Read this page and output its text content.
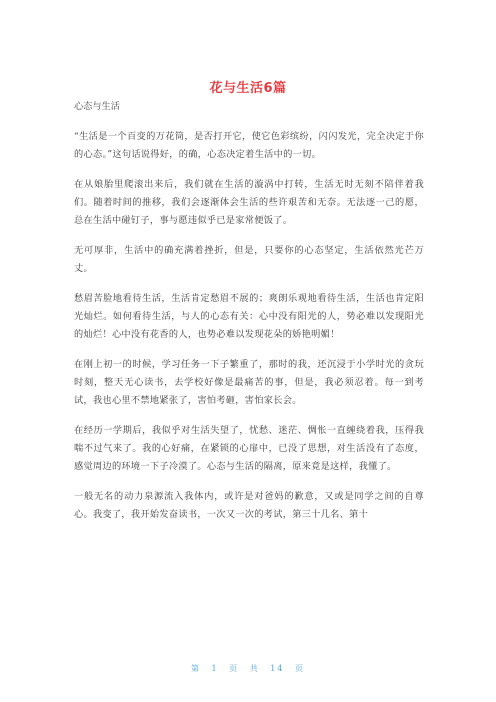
花与生活6篇
心态与生活

“生活是一个百变的万花筒，是否打开它，使它色彩缤纷，闪闪发光，完全决定于你的心态。”这句话说得好，的确，心态决定着生活中的一切。

在从娘胎里爬滚出来后，我们就在生活的漩涡中打转，生活无时无刻不陪伴着我们。随着时间的推移，我们会逐渐体会生活的些许艰苦和无奈。无法逐一己的愿，总在生活中碰钉子，事与愿违似乎已是家常便饭了。

无可厚非，生活中的确充满着挫折，但是，只要你的心态坚定，生活依然光芒万丈。

愁眉苦脸地看待生活，生活肯定愁眉不展的；爽朗乐观地看待生活，生活也肯定阳光灿烂。如何看待生活，与人的心态有关：心中没有阳光的人，势必难以发现阳光的灿烂！心中没有花香的人，也势必难以发现花朵的娇艳明媚！

在刚上初一的时候，学习任务一下子繁重了，那时的我，还沉浸于小学时光的贪玩时刻，整天无心读书，去学校好像是最痛苦的事，但是，我必须忍着。每一到考试，我也心里不禁地紧张了，害怕考砸，害怕家长会。

在经历一学期后，我似乎对生活失望了，忧愁、迷茫、惆怅一直缠绕着我，压得我喘不过气来了。我的心好痛，在紧锁的心扉中，已没了思想，对生活没有了态度，感觉周边的环境一下子冷漠了。心态与生活的隔离，原来竟是这样，我懂了。

一般无名的动力泉源流入我体内，或许是对爸妈的歉意，又或是同学之间的自尊心。我变了，我开始发奋读书，一次又一次的考试，第三十几名、第十

第 1 页 共 14 页
